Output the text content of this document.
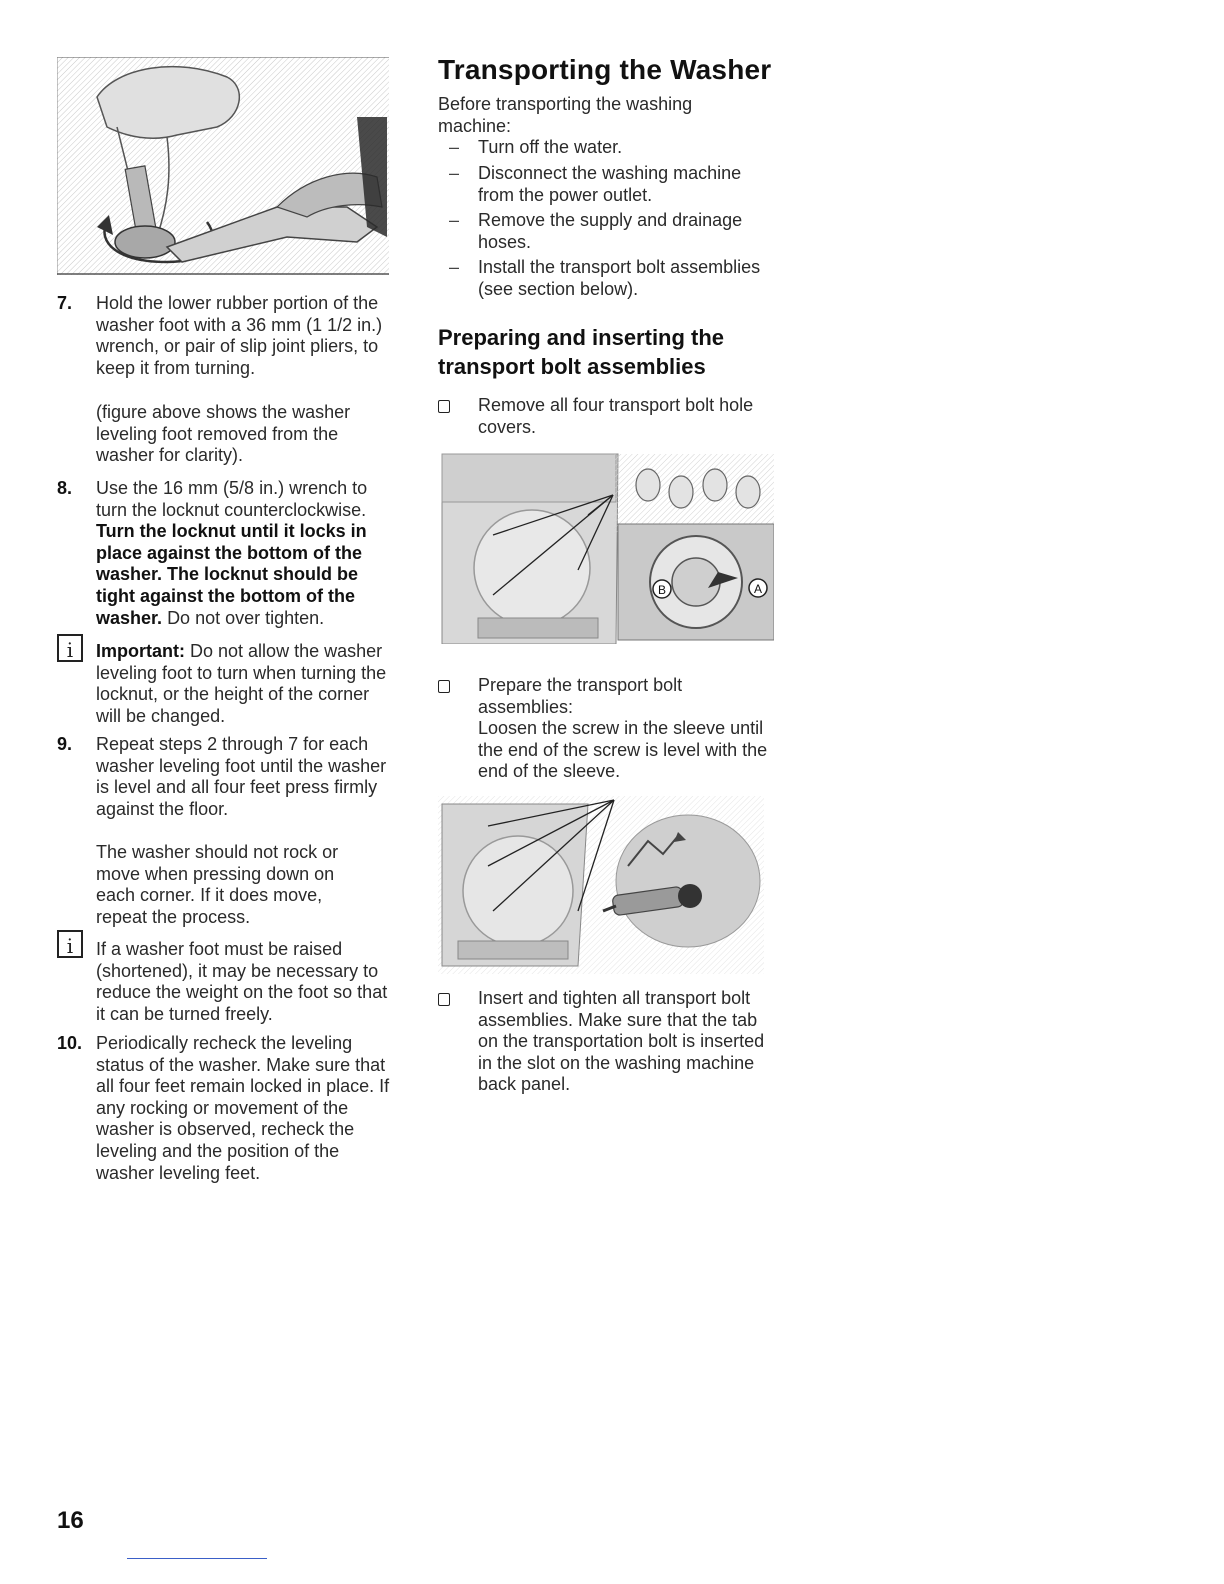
7.	Hold the lower rubber portion of the washer foot with a 36 mm (1 1/2 in.) wrench, or pair of slip joint pliers, to keep it from turning.
(figure above shows the washer leveling foot removed from the washer for clarity).
8.	Use the 16 mm (5/8 in.) wrench to turn the locknut counterclockwise. Turn the locknut until it locks in place against the bottom of the washer. The locknut should be tight against the bottom of the washer. Do not over tighten.
i	Important: Do not allow the washer leveling foot to turn when turning the locknut, or the height of the corner will be changed.
9.	Repeat steps 2 through 7 for each washer leveling foot until the washer is level and all four feet press firmly against the floor.
The washer should not rock or move when pressing down on each corner. If it does move, repeat the process.
i	If a washer foot must be raised (shortened), it may be necessary to reduce the weight on the foot so that it can be turned freely.
10. Periodically recheck the leveling status of the washer. Make sure that all four feet remain locked in place. If any rocking or movement of the washer is observed, recheck the leveling and the position of the washer leveling feet.
Transporting the Washer
Before transporting the washing machine:
– Turn off the water.
– Disconnect the washing machine from the power outlet.
– Remove the supply and drainage hoses.
– Install the transport bolt assemblies (see section below).
Preparing and inserting the transport bolt assemblies
Remove all four transport bolt hole covers.
B	A
Prepare the transport bolt assemblies:
Loosen the screw in the sleeve until the end of the screw is level with the end of the sleeve.
Insert and tighten all transport bolt assemblies. Make sure that the tab on the transportation bolt is inserted in the slot on the washing machine back panel.
16
